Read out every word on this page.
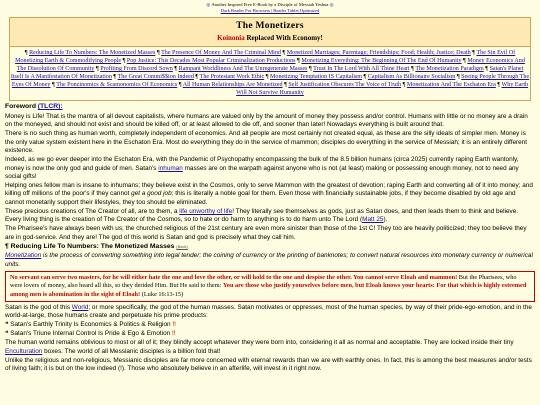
◎ Another Inspired Free E-Book by a Disciple of Messiah Yeshua ◎
Dark Reader For Browsers | Reader Tablet Optimized
The Monetizers
Koinonia Replaced With Economy!
¶ Reducing Life To Numbers: The Monetized Masses ¶ The Presence Of Money And The Criminal Mind ¶ Monetized Marriages; Parentage; Friendships; Food; Health; Justice; Death ¶ The Sin Evil Of Monetizing Earth & Commodifying People ¶ Pop Justice: This Decades Most Popular Criminalization Productions ¶ Monetizing Everything: The Beginning Of The End Of Humanity ¶ Money Economics And The Dissolution Of Community ¶ Profiting From Discord Sown ¶ Rampant Worldliness And The Unregenerate Masses ¶ Trust In The Lord With All Thine Heart ¶ The Monetization Paradigm ¶ Satan's Planet Itself Is A Manifestation Of Monetization ¶ The Great Commi$$ion Indeed ¶ The Protestant Work Ethic ¶ Monetizing Temptation IS Capitalism ¶ Capitalism As Billionaire Socialism ¶ Seeing People Through The Eyes Of Money ¶ The Ponzinomics & Scamonomics Of Economics ¶ All Human Relationships Are Monetized ¶ Self Justification Obscures The Voice of Truth ¶ Monetization And The Eschaton Era ¶ Why Earth Will Not Survive Humanity

Foreword (TLCR):

Money is Life! That is the mantra of all devout capitalists, where humans are valued only by the amount of money they possess and/or control. Humans with little or no money are a drain on the moneyed, and should not exist and should be killed off, or at least allowed to die off, and sooner than later! Nowadays everything is built around that.

There is no such thing as human worth, completely independent of economics. And all people are most certainly not created equal, as these are the silly ideals of simpler men. Money is the only value system existent here in the Eschaton Era. Most do everything they do in the service of mammon; disciples do everything in the service of Messiah; it is an entirely different existence.

Indeed, as we go ever deeper into the Eschaton Era, with the Pandemic of Psychopathy encompassing the bulk of the 8.5 billion humans (circa 2025) currently raping Earth wantonly, money is now the only god and guide of men. Satan's inhuman masses are on the warpath against anyone who is not (at least) making or possessing enough money, not to need any social gifts!

Helping ones fellow man is insane to inhumans; they believe exist in the Cosmos, only to serve Mammon with the greatest of devotion; raping Earth and converting all of it into money; and killing off millions of the poor's if they cannot get a good job; this is literally a noble goal for them. Even those with financially sustainable jobs, if they become disabled by old age and cannot monetarily support their lifestyles, they too should be eliminated.

These precious creations of The Creator of all, are to them, a life unworthy of life! They literally see themselves as gods, just as Satan does, and then leads them to think and believe. Every living thing is the creation of The Creator of the Cosmos, so to hate or do harm to anything is to do harm unto The Lord (Matt 25).

The Pharisee's have always been with us; the churched religious of the 21st century are even more sinister than those of the 1st C! They too are heavily politicized; they too believe they are in god-service. And they are! The god of this world is Satan and god is precisely what they call him.

¶ Reducing Life To Numbers: The Monetized Masses (Back)

Monetization is the process of converting something into legal tender; the coining of currency or the printing of banknotes; to convert natural resources into monetary currency or numerical units.

No servant can serve two masters, for he will either hate the one and love the other, or will hold to the one and despise the other. You cannot serve Eloah and mammon! But the Pharisees, who were lovers of money, also heard all this, so they derided Him. But He said to them: You are those who justify yourselves before men, but Eloah knows your hearts: For that which is highly esteemed among men is abomination in the sight of Eloah! (Luke 16:13-15)

Satan is the god of this World; or more specifically, the god of the human masses. Satan motivates or oppresses, most of the human species, by way of their pride-ego-emotion, and in the world-at-large, those humans create and perpetuate his prime products:

❝ Satan's Earthly Trinity Is Economics & Politics & Religion !!

❝ Satan's Triune Internal Control Is Pride & Ego & Emotion !!

The human world remains oblivious to most or all of it; they blindly accept whatever they were born into, considering it all as normal and acceptable. They are locked inside their tiny Enculturation boxes. The world of all Messianic disciples is a billion fold that!

Unlike the religious and non-religious, Messianic disciples are far more concerned with eternal rewards than we are with earthly ones. In fact, this is among the best measures and/or tests of living faith; it is but on the low indeed (!). Those who absolutely believe in an afterlife, will invest in it right now.
